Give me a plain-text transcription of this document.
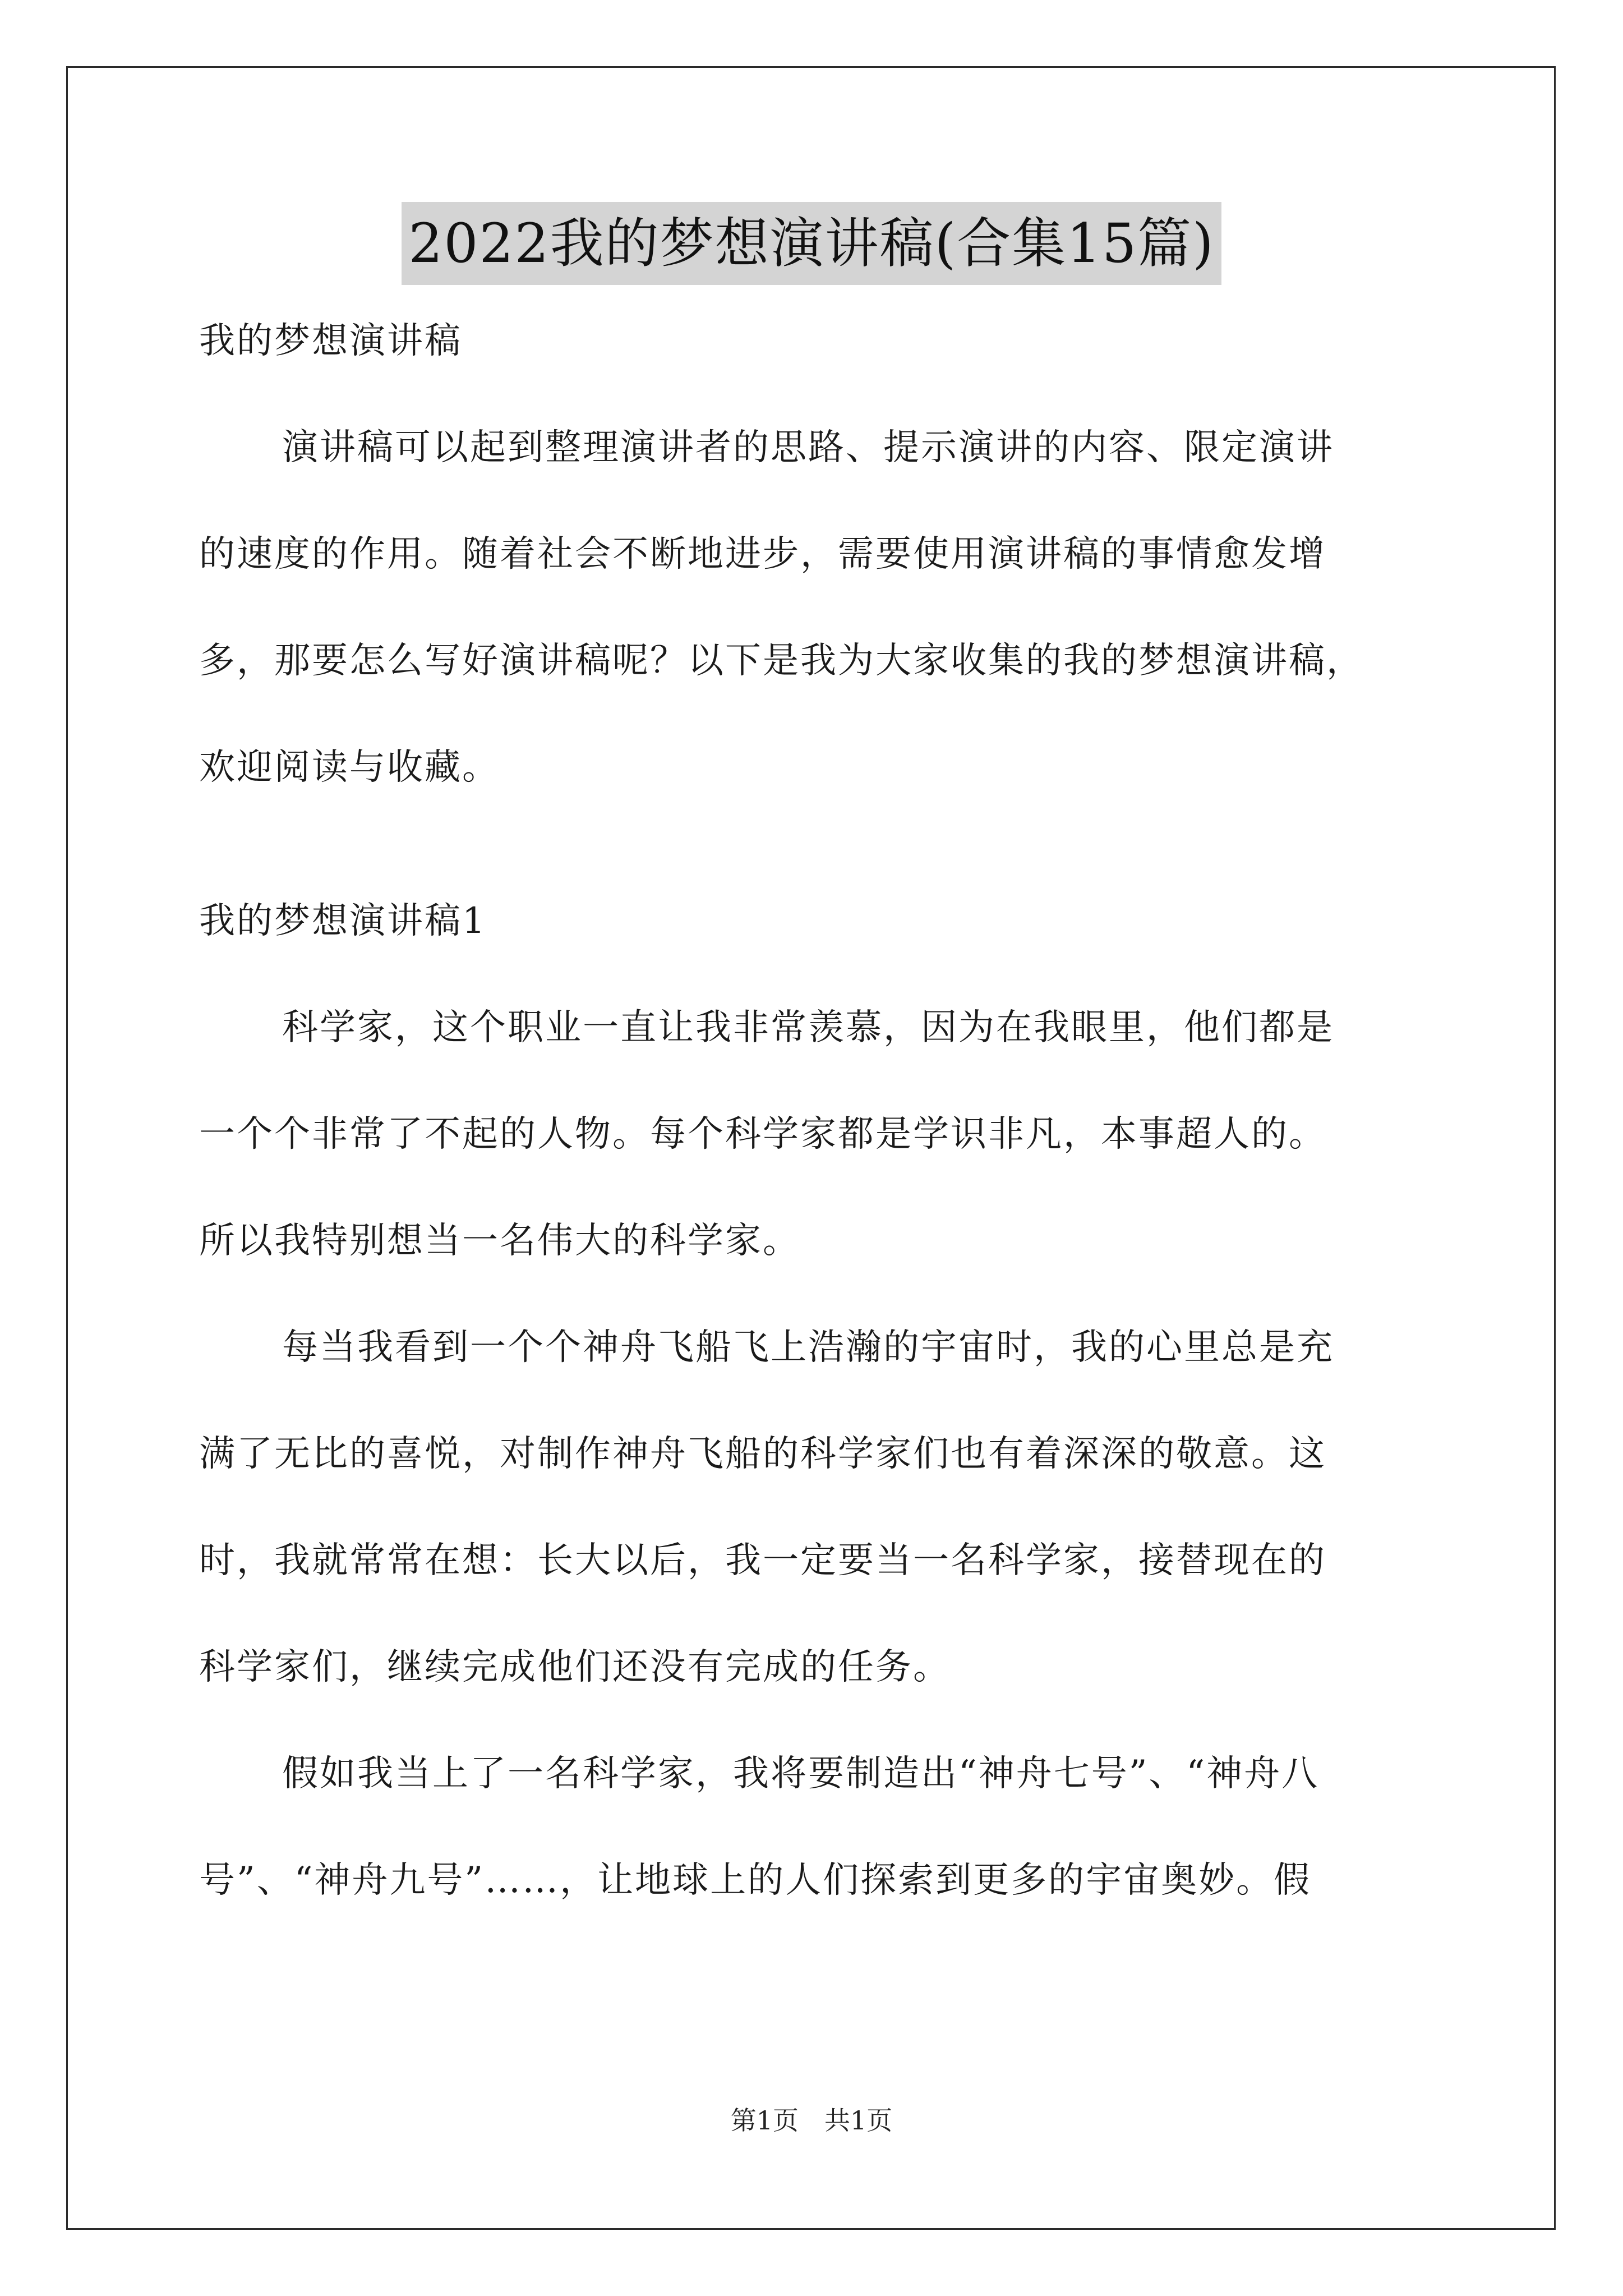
2022我的梦想演讲稿(合集15篇)
我的梦想演讲稿
演讲稿可以起到整理演讲者的思路、提示演讲的内容、限定演讲
的速度的作用。随着社会不断地进步，需要使用演讲稿的事情愈发增
多，那要怎么写好演讲稿呢？以下是我为大家收集的我的梦想演讲稿，
欢迎阅读与收藏。
我的梦想演讲稿1
科学家，这个职业一直让我非常羡慕，因为在我眼里，他们都是
一个个非常了不起的人物。每个科学家都是学识非凡，本事超人的。
所以我特别想当一名伟大的科学家。
每当我看到一个个神舟飞船飞上浩瀚的宇宙时，我的心里总是充
满了无比的喜悦，对制作神舟飞船的科学家们也有着深深的敬意。这
时，我就常常在想：长大以后，我一定要当一名科学家，接替现在的
科学家们，继续完成他们还没有完成的任务。
假如我当上了一名科学家，我将要制造出“神舟七号”、“神舟八
号”、“神舟九号”……，让地球上的人们探索到更多的宇宙奥妙。假
第1页　共1页
